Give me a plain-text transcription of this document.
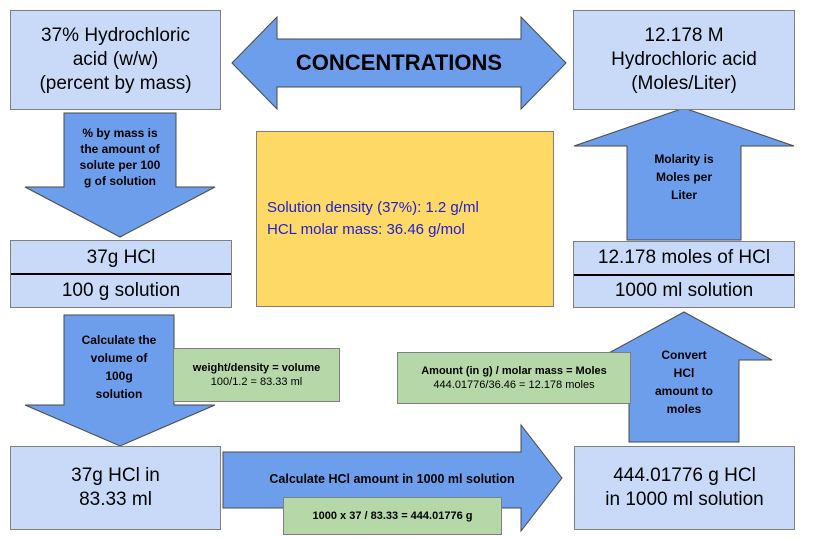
CONCENTRATIONS
37% Hydrochloric
acid (w/w)
(percent by mass)
12.178 M
Hydrochloric acid
(Moles/Liter)
% by mass is
the amount of
solute per 100
g of solution
37g HCl
100 g solution
Solution density (37%): 1.2 g/ml
HCL molar mass: 36.46 g/mol
Molarity is
Moles per
Liter
12.178 moles of HCl
1000 ml solution
Calculate the
volume of
100g
solution
weight/density = volume
100/1.2 = 83.33 ml
Convert
HCl
amount to
moles
Amount (in g) / molar mass = Moles
444.01776/36.46 = 12.178 moles
37g HCl in
83.33 ml
Calculate HCl amount in 1000 ml solution
1000 x 37 / 83.33 = 444.01776 g
444.01776 g HCl
in 1000 ml solution
